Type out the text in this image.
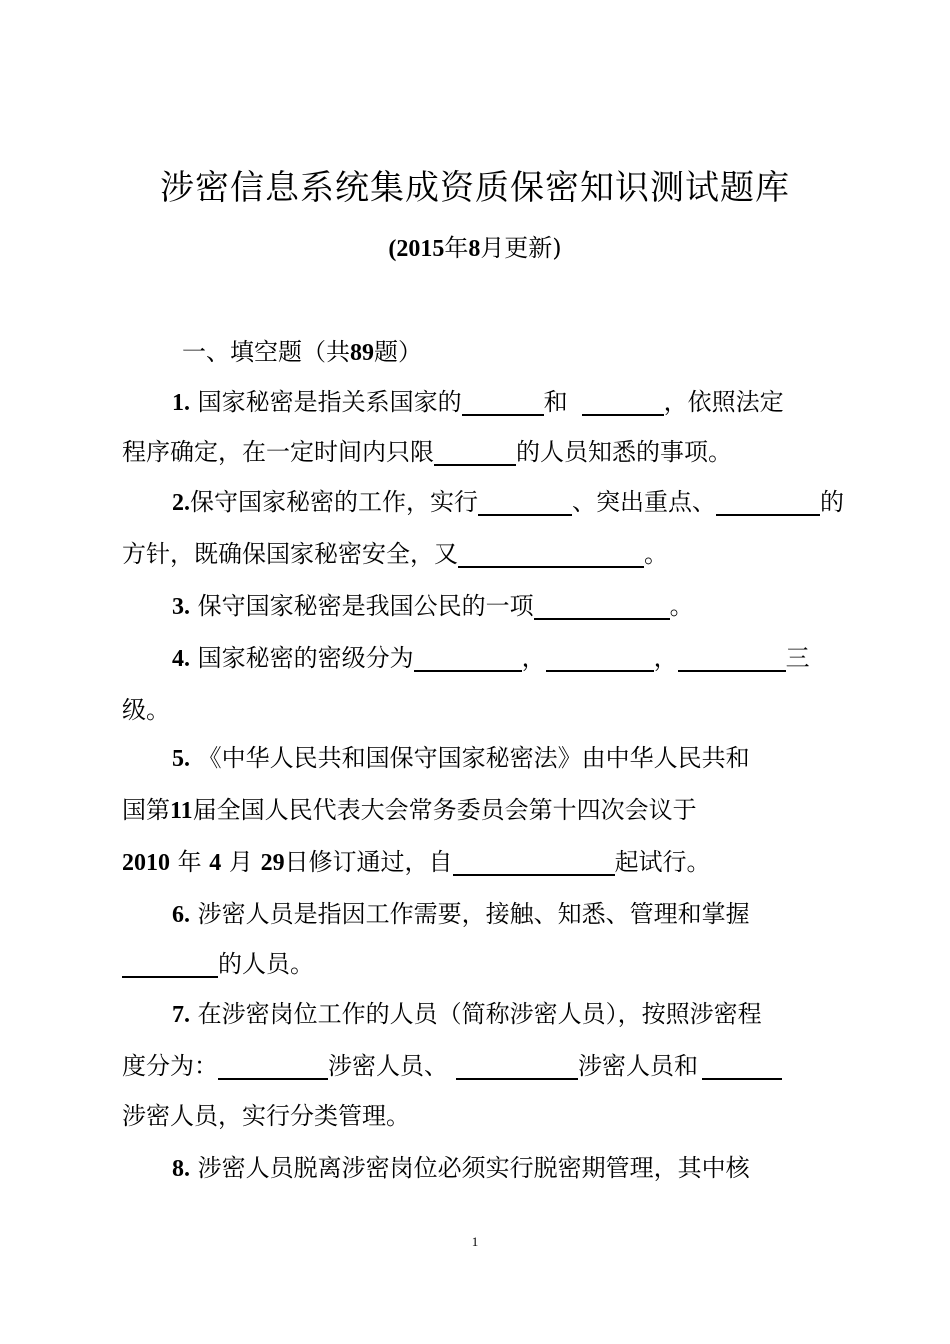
涉密信息系统集成资质保密知识测试题库
(2015年8月更新)
一、填空题（共89题）
1. 国家秘密是指关系国家的	和	，依照法定
程序确定，在一定时间内只限	的人员知悉的事项。
2.保守国家秘密的工作，实行	、突出重点、	的
方针，既确保国家秘密安全，又	。
3. 保守国家秘密是我国公民的一项	。
4. 国家秘密的密级分为	，	，	三
级。
5. 《中华人民共和国保守国家秘密法》由中华人民共和
国第11届全国人民代表大会常务委员会第十四次会议于
2010 年 4 月 29日修订通过，自	起试行。
6. 涉密人员是指因工作需要，接触、知悉、管理和掌握
的人员。
7. 在涉密岗位工作的人员（简称涉密人员），按照涉密程
度分为：	涉密人员、	涉密人员和
涉密人员，实行分类管理。
8. 涉密人员脱离涉密岗位必须实行脱密期管理，其中核
1
